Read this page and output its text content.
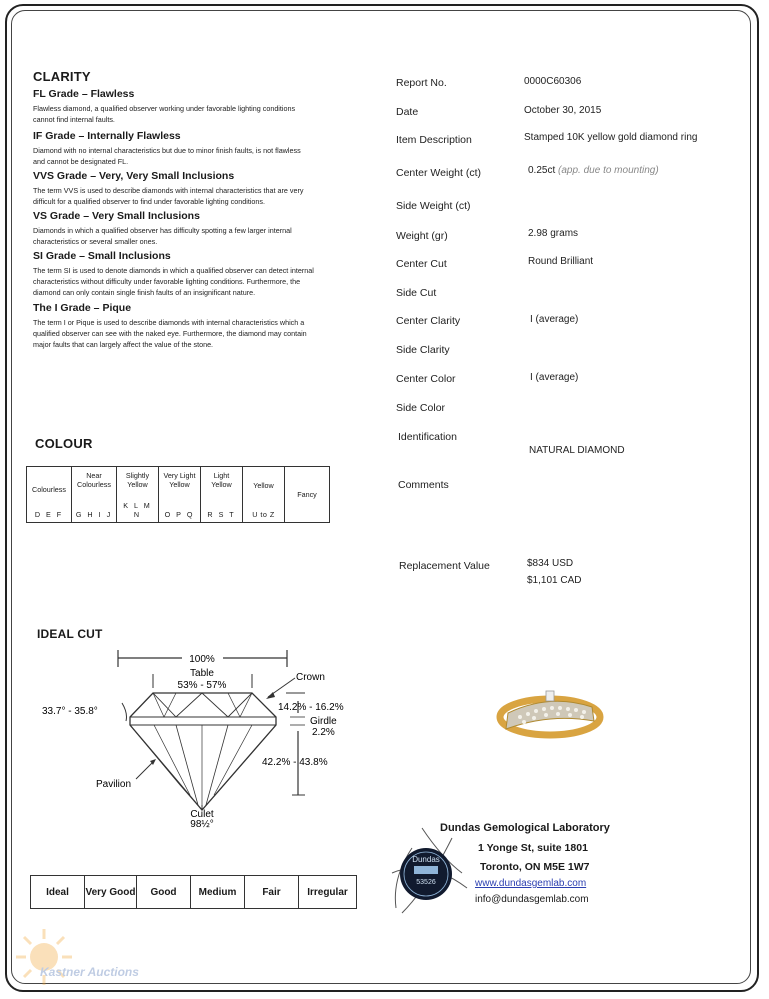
CLARITY
FL Grade – Flawless
Flawless diamond, a qualified observer working under favorable lighting conditions
cannot find internal faults.
IF Grade – Internally Flawless
Diamond with no internal characteristics but due to minor finish faults, is not flawless
and cannot be designated FL.
VVS Grade – Very, Very Small Inclusions
The term VVS is used to describe diamonds with internal characteristics that are very
difficult for a qualified observer to find under favorable lighting conditions.
VS Grade – Very Small Inclusions
Diamonds in which a qualified observer has difficulty spotting a few larger internal
characteristics or several smaller ones.
SI Grade – Small Inclusions
The term SI is used to denote diamonds in which a qualified observer can detect internal
characteristics without difficulty under favorable lighting conditions. Furthermore, the
diamond can only contain single finish faults of an insignificant nature.
The I Grade – Pique
The term I or Pique is used to describe diamonds with internal characteristics which a
qualified observer can see with the naked eye. Furthermore, the diamond may contain
major faults that can largely affect the value of the stone.
COLOUR
Colourless
D E F

Near Colourless
G H I J

Slightly Yellow
K L M N

Very Light Yellow
O P Q

Light Yellow
R S T

Yellow
U to Z

Fancy
IDEAL CUT
100%
Table
53% - 57%
Crown
14.2% - 16.2%
Girdle
2.2%
42.2% - 43.8%
33.7° - 35.8°
Pavilion
Culet
98½°
Ideal	Very Good	Good	Medium	Fair	Irregular
Report No.	0000C60306
Date	October 30, 2015
Item Description	Stamped 10K yellow gold diamond ring
Center Weight (ct)	0.25ct (app. due to mounting)
Side Weight (ct)
Weight (gr)	2.98 grams
Center Cut	Round Brilliant
Side Cut
Center Clarity	I (average)
Side Clarity
Center Color	I (average)
Side Color
Identification
NATURAL DIAMOND
Comments
Replacement Value	$834 USD
$1,101 CAD
Dundas
53526
Dundas Gemological Laboratory
1 Yonge St, suite 1801
Toronto, ON M5E 1W7
www.dundasgemlab.com
info@dundasgemlab.com
Kastner Auctions
